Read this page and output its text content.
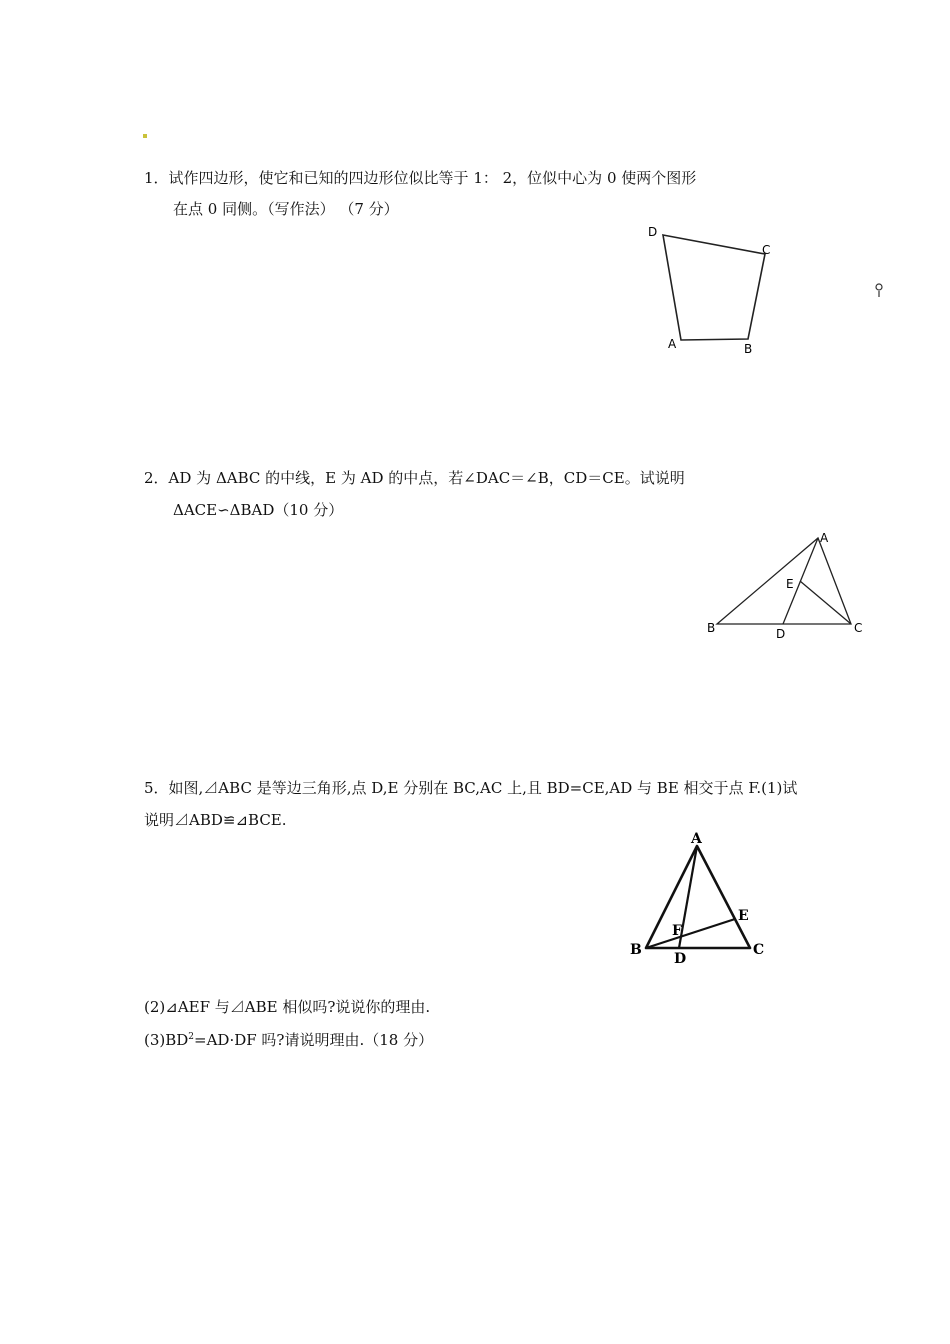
1．试作四边形，使它和已知的四边形位似比等于 1： 2，位似中心为 0 使两个图形
在点 0 同侧。（写作法） （7 分）
D
C
A	B
2．AD 为 ΔABC 的中线，E 为 AD 的中点，若∠DAC＝∠B，CD＝CE。试说明
ΔACE∽ΔBAD（10 分）
A
E
B	D	C
5．如图,⊿ABC 是等边三角形,点 D,E 分别在 BC,AC 上,且 BD=CE,AD 与 BE 相交于点 F.(1)试
说明⊿ABD≌⊿BCE.
A
E
F
B
D
C
(2)⊿AEF 与⊿ABE 相似吗?说说你的理由.
$(3)BD^2=AD\cdot DF$ 吗?请说明理由.（18 分）
